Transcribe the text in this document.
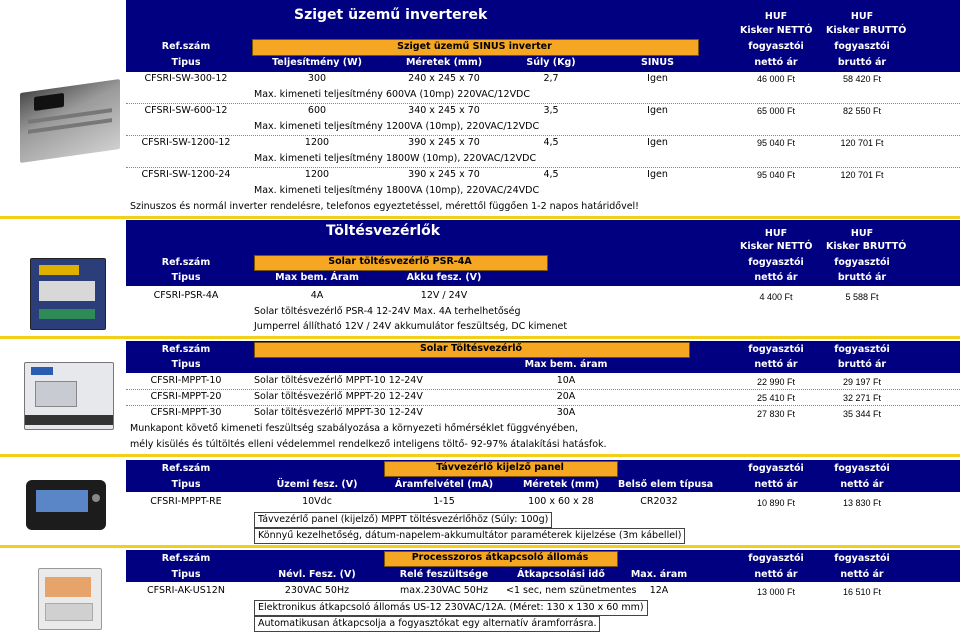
Sziget üzemű inverterek	HUF	HUF
Kisker NETTÓ Kisker BRUTTÓ
Ref.szám	Sziget üzemű SINUS inverter	fogyasztói	fogyasztói
Tipus	Teljesítmény (W)	Méretek (mm)	Súly (Kg)	SINUS	nettó ár	bruttó ár
CFSRI-SW-300-12	300	240 x 245 x 70	2,7	Igen	46 000 Ft	58 420 Ft
Max. kimeneti teljesítmény 600VA (10mp) 220VAC/12VDC
CFSRI-SW-600-12	600	340 x 245 x 70	3,5	Igen	65 000 Ft	82 550 Ft
Max. kimeneti teljesítmény 1200VA (10mp), 220VAC/12VDC
CFSRI-SW-1200-12	1200	390 x 245 x 70	4,5	Igen	95 040 Ft	120 701 Ft
Max. kimeneti teljesítmény 1800W (10mp), 220VAC/12VDC
CFSRI-SW-1200-24	1200	390 x 245 x 70	4,5	Igen	95 040 Ft	120 701 Ft
Max. kimeneti teljesítmény 1800VA (10mp), 220VAC/24VDC
Szinuszos és normál inverter rendelésre, telefonos egyeztetéssel, mérettől függően 1-2 napos határidővel!
Töltésvezérlők	HUF	HUF
Kisker NETTÓ Kisker BRUTTÓ
Ref.szám	Solar töltésvezérlő PSR-4A	fogyasztói	fogyasztói
Tipus	Max bem. Áram	Akku fesz. (V)	nettó ár	bruttó ár
CFSRI-PSR-4A	4A	12V / 24V	4 400 Ft	5 588 Ft
Solar töltésvezérlő PSR-4 12-24V Max. 4A terhelhetőség
Jumperrel állítható 12V / 24V akkumulátor feszültség, DC kimenet
Ref.szám	Solar Töltésvezérlő	fogyasztói	fogyasztói
Tipus	Max bem. áram	nettó ár	bruttó ár
CFSRI-MPPT-10	Solar töltésvezérlő MPPT-10 12-24V	10A	22 990 Ft	29 197 Ft
CFSRI-MPPT-20	Solar töltésvezérlő MPPT-20 12-24V	20A	25 410 Ft	32 271 Ft
CFSRI-MPPT-30	Solar töltésvezérlő MPPT-30 12-24V	30A	27 830 Ft	35 344 Ft
Munkapont követő kimeneti feszültség szabályozása a környezeti hőmérséklet függvényében,
mély kisülés és túltöltés elleni védelemmel rendelkező inteligens töltő- 92-97% átalakítási hatásfok.
Ref.szám	Távvezérlő kijelző panel	fogyasztói	fogyasztói
Tipus	Üzemi fesz. (V)	Áramfelvétel (mA)	Méretek (mm)	Belső elem típusa	nettó ár	nettó ár
CFSRI-MPPT-RE	10Vdc	1-15	100 x 60 x 28	CR2032	10 890 Ft	13 830 Ft
Távvezérlő panel (kijelző) MPPT töltésvezérlőhöz (Súly: 100g)
Könnyű kezelhetőség, dátum-napelem-akkumultátor paraméterek kijelzése (3m kábellel)
Ref.szám	Processzoros átkapcsoló állomás	fogyasztói	fogyasztói
Tipus	Névl. Fesz. (V)	Relé feszültsége	Átkapcsolási idő	Max. áram	nettó ár	nettó ár
CFSRI-AK-US12N	230VAC 50Hz	max.230VAC 50Hz	<1 sec, nem szünetmentes	12A	13 000 Ft	16 510 Ft
Elektronikus átkapcsoló állomás US-12 230VAC/12A. (Méret: 130 x 130 x 60 mm)
Automatikusan átkapcsolja a fogyasztókat egy alternatív áramforrásra.
